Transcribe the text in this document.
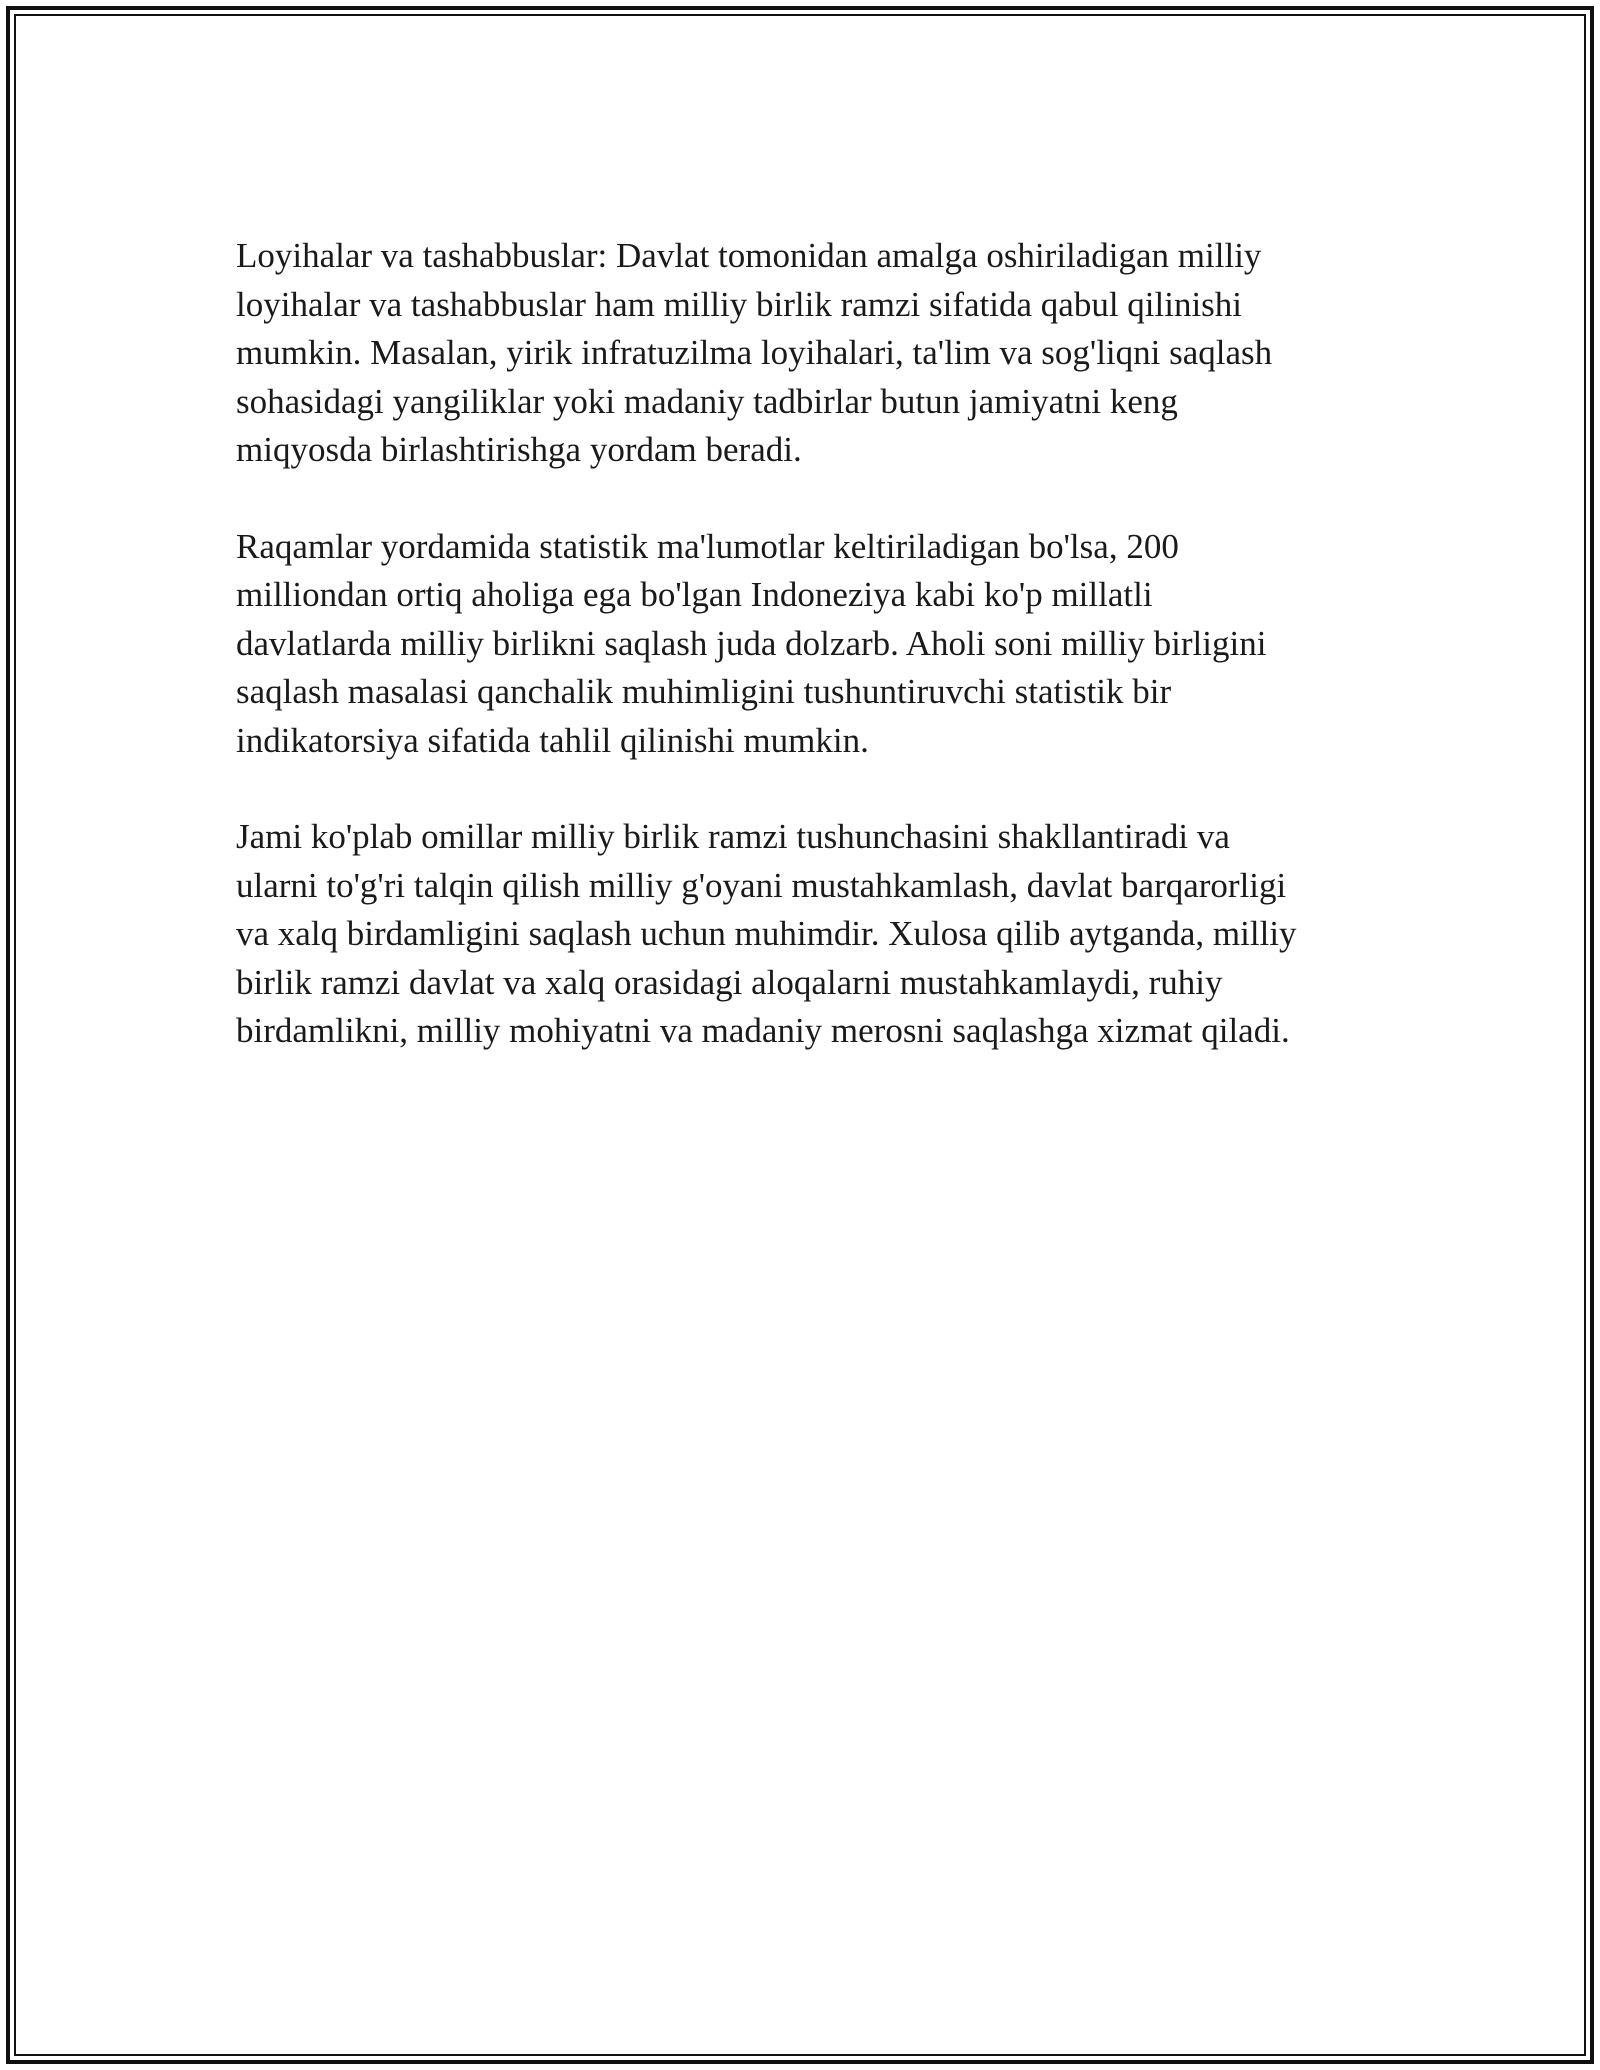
Loyihalar va tashabbuslar: Davlat tomonidan amalga oshiriladigan milliy
loyihalar va tashabbuslar ham milliy birlik ramzi sifatida qabul qilinishi
mumkin. Masalan, yirik infratuzilma loyihalari, ta'lim va sog'liqni saqlash
sohasidagi yangiliklar yoki madaniy tadbirlar butun jamiyatni keng
miqyosda birlashtirishga yordam beradi.

Raqamlar yordamida statistik ma'lumotlar keltiriladigan bo'lsa, 200
milliondan ortiq aholiga ega bo'lgan Indoneziya kabi ko'p millatli
davlatlarda milliy birlikni saqlash juda dolzarb. Aholi soni milliy birligini
saqlash masalasi qanchalik muhimligini tushuntiruvchi statistik bir
indikatorsiya sifatida tahlil qilinishi mumkin.

Jami ko'plab omillar milliy birlik ramzi tushunchasini shakllantiradi va
ularni to'g'ri talqin qilish milliy g'oyani mustahkamlash, davlat barqarorligi
va xalq birdamligini saqlash uchun muhimdir. Xulosa qilib aytganda, milliy
birlik ramzi davlat va xalq orasidagi aloqalarni mustahkamlaydi, ruhiy
birdamlikni, milliy mohiyatni va madaniy merosni saqlashga xizmat qiladi.
